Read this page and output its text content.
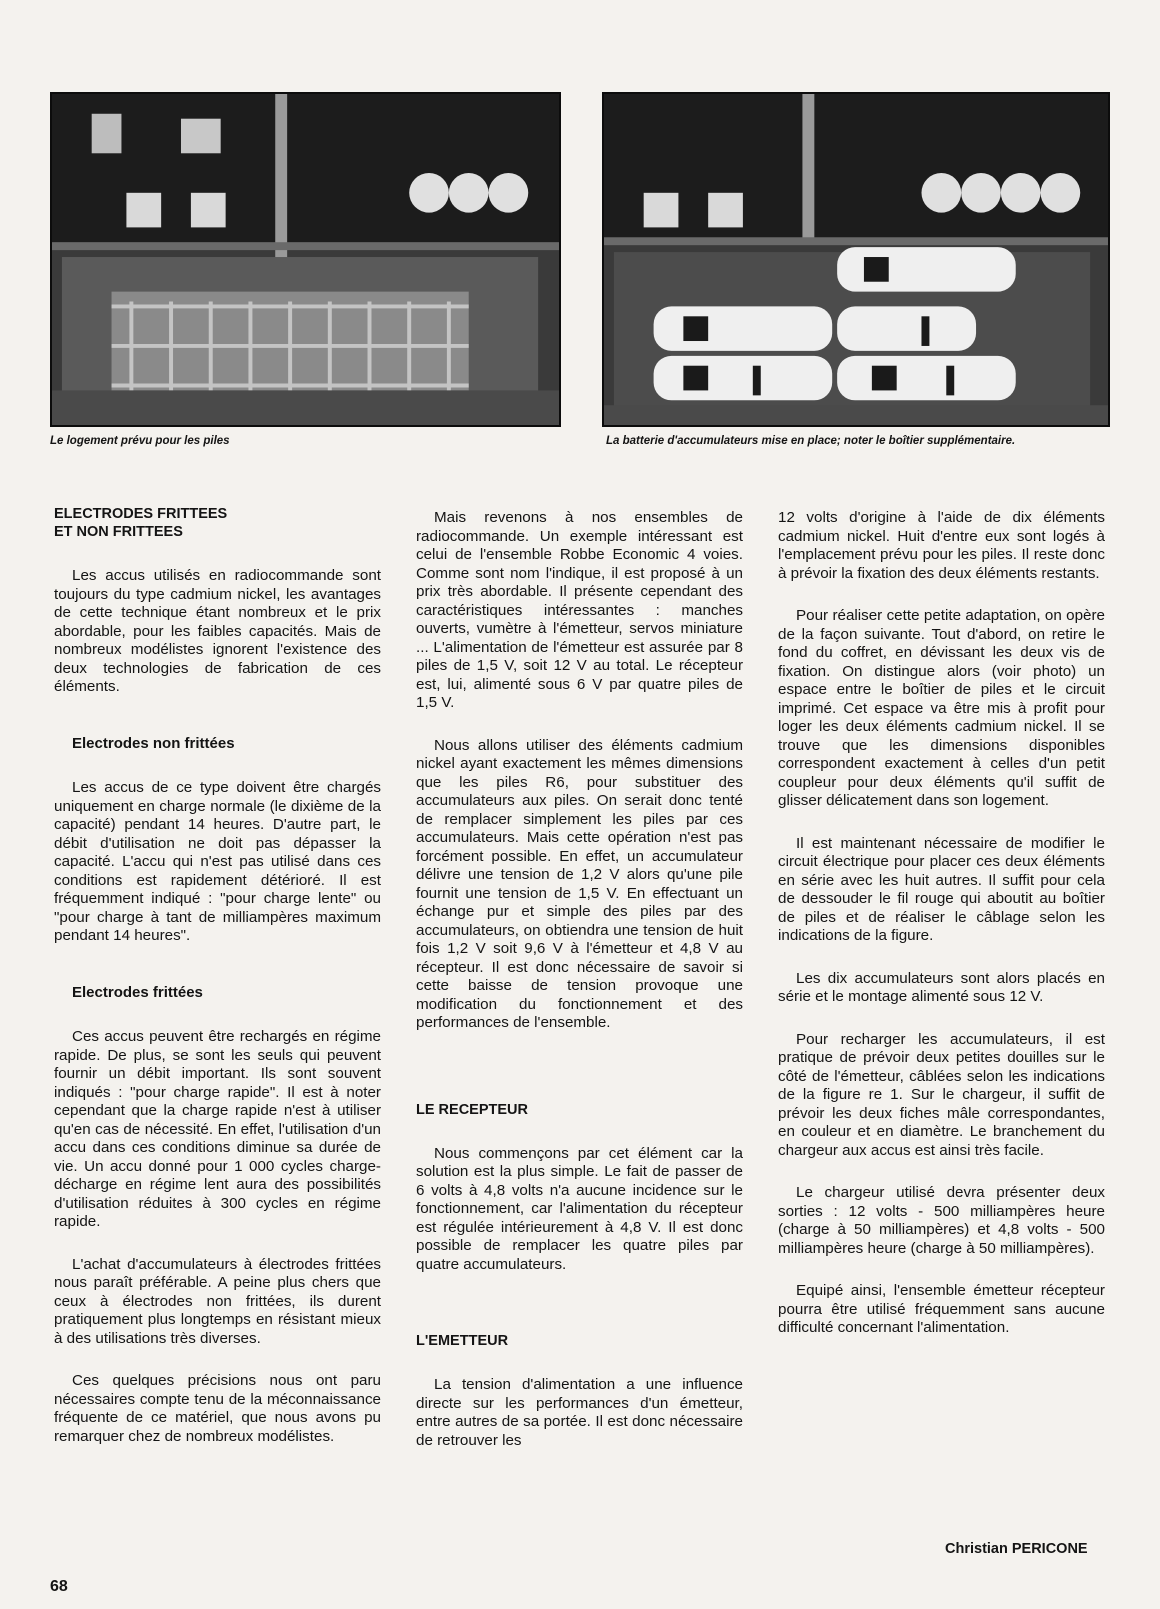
Le logement prévu pour les piles	La batterie d'accumulateurs mise en place; noter le boîtier supplémentaire.
ELECTRODES FRITTEES
ET NON FRITTEES

Les accus utilisés en radiocommande sont toujours du type cadmium nickel, les avantages de cette technique étant nombreux et le prix abordable, pour les faibles capacités. Mais de nombreux modélistes ignorent l'existence des deux technologies de fabrication de ces éléments.

Electrodes non frittées

Les accus de ce type doivent être chargés uniquement en charge normale (le dixième de la capacité) pendant 14 heures. D'autre part, le débit d'utilisation ne doit pas dépasser la capacité. L'accu qui n'est pas utilisé dans ces conditions est rapidement détérioré. Il est fréquemment indiqué : "pour charge lente" ou "pour charge à tant de milliampères maximum pendant 14 heures".

Electrodes frittées

Ces accus peuvent être rechargés en régime rapide. De plus, se sont les seuls qui peuvent fournir un débit important. Ils sont souvent indiqués : "pour charge rapide". Il est à noter cependant que la charge rapide n'est à utiliser qu'en cas de nécessité. En effet, l'utilisation d'un accu dans ces conditions diminue sa durée de vie. Un accu donné pour 1 000 cycles charge-décharge en régime lent aura des possibilités d'utilisation réduites à 300 cycles en régime rapide.

L'achat d'accumulateurs à électrodes frittées nous paraît préférable. A peine plus chers que ceux à électrodes non frittées, ils durent pratiquement plus longtemps en résistant mieux à des utilisations très diverses.

Ces quelques précisions nous ont paru nécessaires compte tenu de la méconnaissance fréquente de ce matériel, que nous avons pu remarquer chez de nombreux modélistes.

Mais revenons à nos ensembles de radiocommande. Un exemple intéressant est celui de l'ensemble Robbe Economic 4 voies. Comme sont nom l'indique, il est proposé à un prix très abordable. Il présente cependant des caractéristiques intéressantes : manches ouverts, vumètre à l'émetteur, servos miniature ... L'alimentation de l'émetteur est assurée par 8 piles de 1,5 V, soit 12 V au total. Le récepteur est, lui, alimenté sous 6 V par quatre piles de 1,5 V.

Nous allons utiliser des éléments cadmium nickel ayant exactement les mêmes dimensions que les piles R6, pour substituer des accumulateurs aux piles. On serait donc tenté de remplacer simplement les piles par ces accumulateurs. Mais cette opération n'est pas forcément possible. En effet, un accumulateur délivre une tension de 1,2 V alors qu'une pile fournit une tension de 1,5 V. En effectuant un échange pur et simple des piles par des accumulateurs, on obtiendra une tension de huit fois 1,2 V soit 9,6 V à l'émetteur et 4,8 V au récepteur. Il est donc nécessaire de savoir si cette baisse de tension provoque une modification du fonctionnement et des performances de l'ensemble.

LE RECEPTEUR

Nous commençons par cet élément car la solution est la plus simple. Le fait de passer de 6 volts à 4,8 volts n'a aucune incidence sur le fonctionnement, car l'alimentation du récepteur est régulée intérieurement à 4,8 V. Il est donc possible de remplacer les quatre piles par quatre accumulateurs.

L'EMETTEUR

La tension d'alimentation a une influence directe sur les performances d'un émetteur, entre autres de sa portée. Il est donc nécessaire de retrouver les

12 volts d'origine à l'aide de dix éléments cadmium nickel. Huit d'entre eux sont logés à l'emplacement prévu pour les piles. Il reste donc à prévoir la fixation des deux éléments restants.

Pour réaliser cette petite adaptation, on opère de la façon suivante. Tout d'abord, on retire le fond du coffret, en dévissant les deux vis de fixation. On distingue alors (voir photo) un espace entre le boîtier de piles et le circuit imprimé. Cet espace va être mis à profit pour loger les deux éléments cadmium nickel. Il se trouve que les dimensions disponibles correspondent exactement à celles d'un petit coupleur pour deux éléments qu'il suffit de glisser délicatement dans son logement.

Il est maintenant nécessaire de modifier le circuit électrique pour placer ces deux éléments en série avec les huit autres. Il suffit pour cela de dessouder le fil rouge qui aboutit au boîtier de piles et de réaliser le câblage selon les indications de la figure.

Les dix accumulateurs sont alors placés en série et le montage alimenté sous 12 V.

Pour recharger les accumulateurs, il est pratique de prévoir deux petites douilles sur le côté de l'émetteur, câblées selon les indications de la figure re 1. Sur le chargeur, il suffit de prévoir les deux fiches mâle correspondantes, en couleur et en diamètre. Le branchement du chargeur aux accus est ainsi très facile.

Le chargeur utilisé devra présenter deux sorties : 12 volts - 500 milliampères heure (charge à 50 milliampères) et 4,8 volts - 500 milliampères heure (charge à 50 milliampères).

Equipé ainsi, l'ensemble émetteur récepteur pourra être utilisé fréquemment sans aucune difficulté concernant l'alimentation.

Christian PERICONE
68
